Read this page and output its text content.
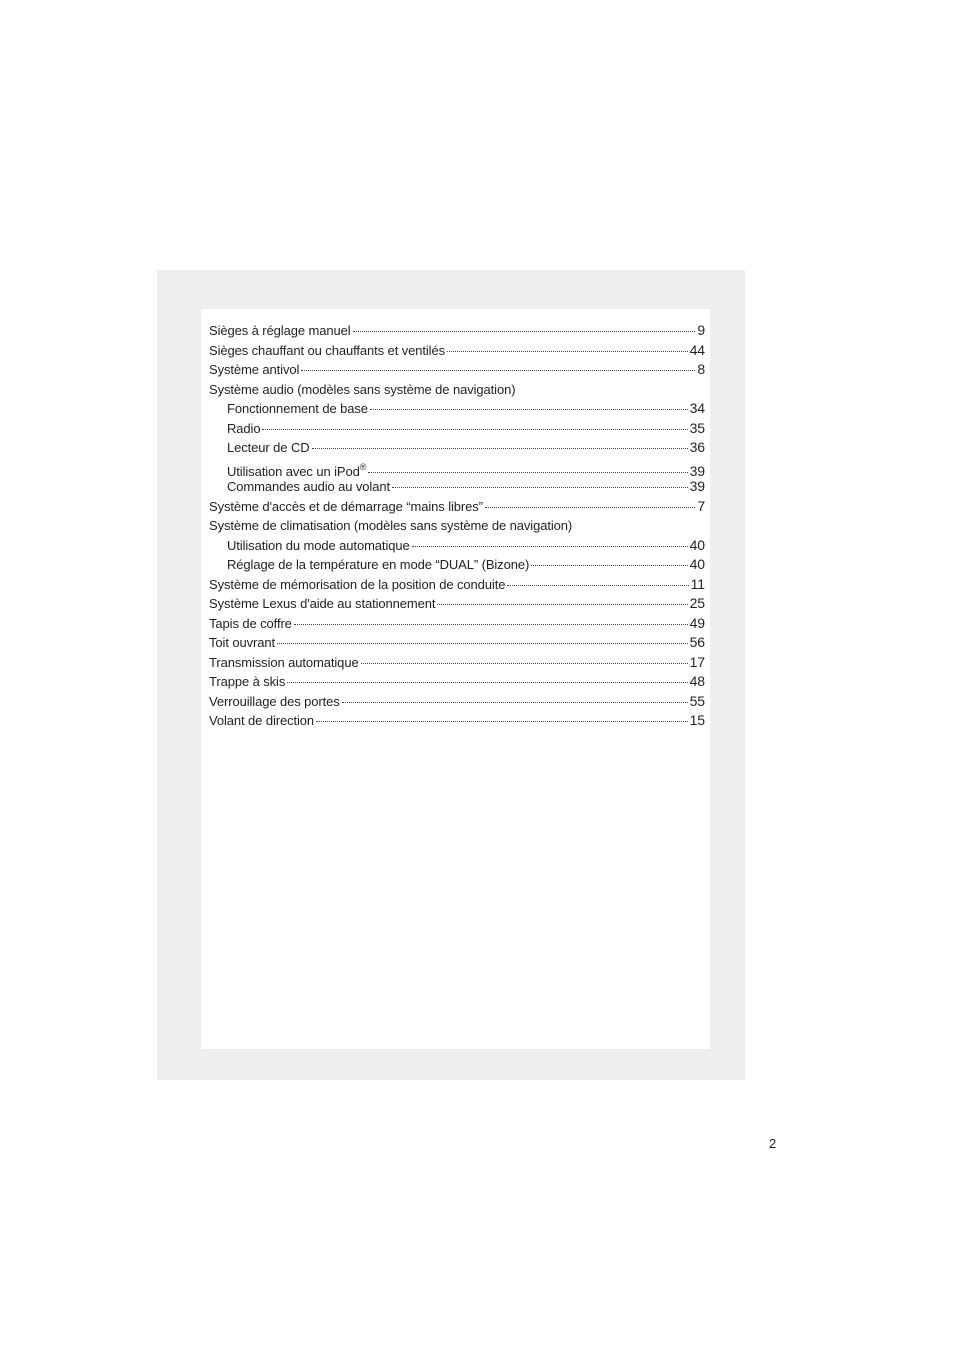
Sièges à réglage manuel	9
Sièges chauffant ou chauffants et ventilés	44
Système antivol	8
Système audio (modèles sans système de navigation)
Fonctionnement de base	34
Radio	35
Lecteur de CD	36
Utilisation avec un iPod®	39
Commandes audio au volant	39
Système d'accès et de démarrage “mains libres”	7
Système de climatisation (modèles sans système de navigation)
Utilisation du mode automatique	40
Réglage de la température en mode “DUAL” (Bizone)	40
Système de mémorisation de la position de conduite	11
Système Lexus d'aide au stationnement	25
Tapis de coffre	49
Toit ouvrant	56
Transmission automatique	17
Trappe à skis	48
Verrouillage des portes	55
Volant de direction	15
2
